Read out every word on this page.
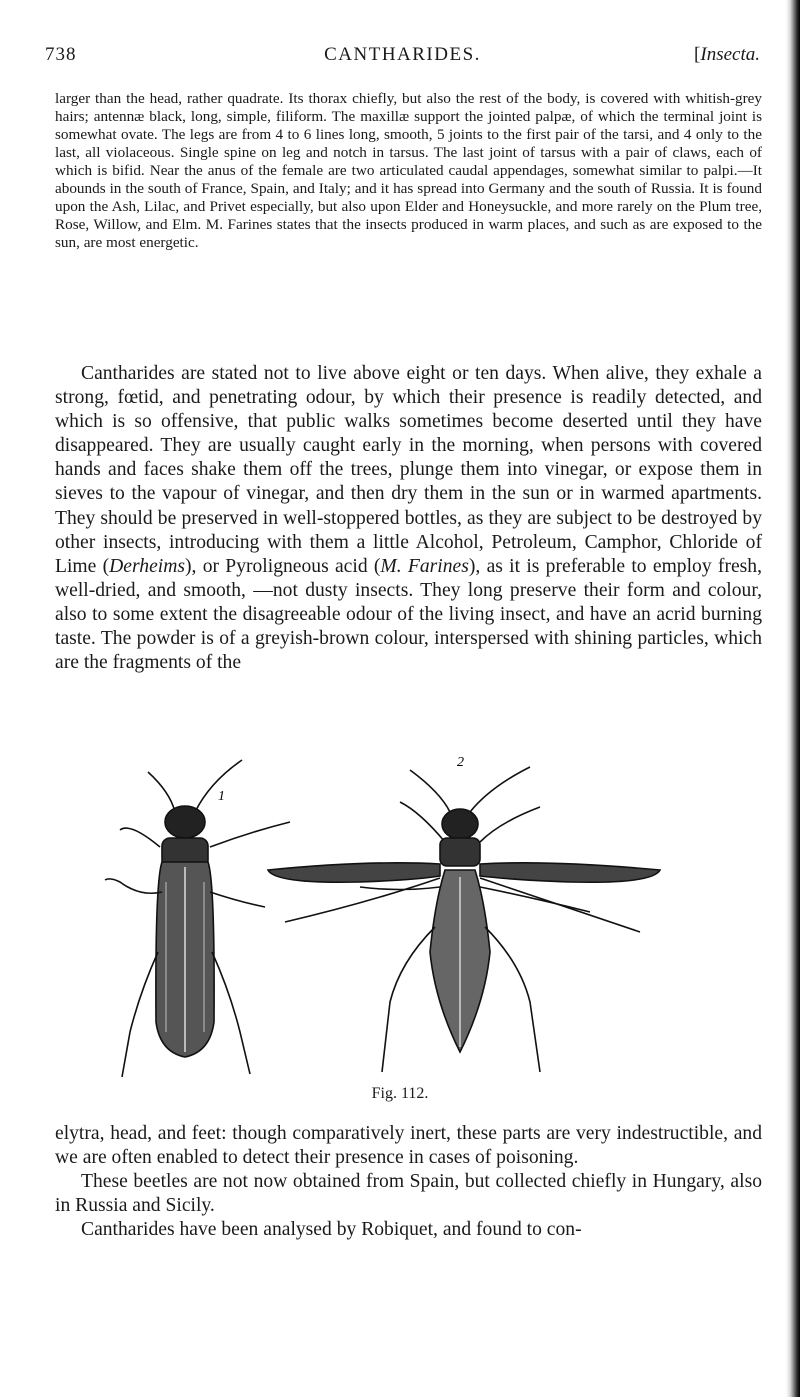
738	CANTHARIDES.	[Insecta.

larger than the head, rather quadrate. Its thorax chiefly, but also the rest of the body, is covered with whitish-grey hairs; antennæ black, long, simple, filiform. The maxillæ support the jointed palpæ, of which the terminal joint is somewhat ovate. The legs are from 4 to 6 lines long, smooth, 5 joints to the first pair of the tarsi, and 4 only to the last, all violaceous. Single spine on leg and notch in tarsus. The last joint of tarsus with a pair of claws, each of which is bifid. Near the anus of the female are two articulated caudal appendages, somewhat similar to palpi.—It abounds in the south of France, Spain, and Italy; and it has spread into Germany and the south of Russia. It is found upon the Ash, Lilac, and Privet especially, but also upon Elder and Honeysuckle, and more rarely on the Plum tree, Rose, Willow, and Elm. M. Farines states that the insects produced in warm places, and such as are exposed to the sun, are most energetic.

Cantharides are stated not to live above eight or ten days. When alive, they exhale a strong, fœtid, and penetrating odour, by which their presence is readily detected, and which is so offensive, that public walks sometimes become deserted until they have disappeared. They are usually caught early in the morning, when persons with covered hands and faces shake them off the trees, plunge them into vinegar, or expose them in sieves to the vapour of vinegar, and then dry them in the sun or in warmed apartments. They should be preserved in well-stoppered bottles, as they are subject to be destroyed by other insects, introducing with them a little Alcohol, Petroleum, Camphor, Chloride of Lime (Derheims), or Pyroligneous acid (M. Farines), as it is preferable to employ fresh, well-dried, and smooth, —not dusty insects. They long preserve their form and colour, also to some extent the disagreeable odour of the living insect, and have an acrid burning taste. The powder is of a greyish-brown colour, interspersed with shining particles, which are the fragments of the

1
2
Fig. 112.

elytra, head, and feet: though comparatively inert, these parts are very indestructible, and we are often enabled to detect their presence in cases of poisoning.

These beetles are not now obtained from Spain, but collected chiefly in Hungary, also in Russia and Sicily.

Cantharides have been analysed by Robiquet, and found to con-
